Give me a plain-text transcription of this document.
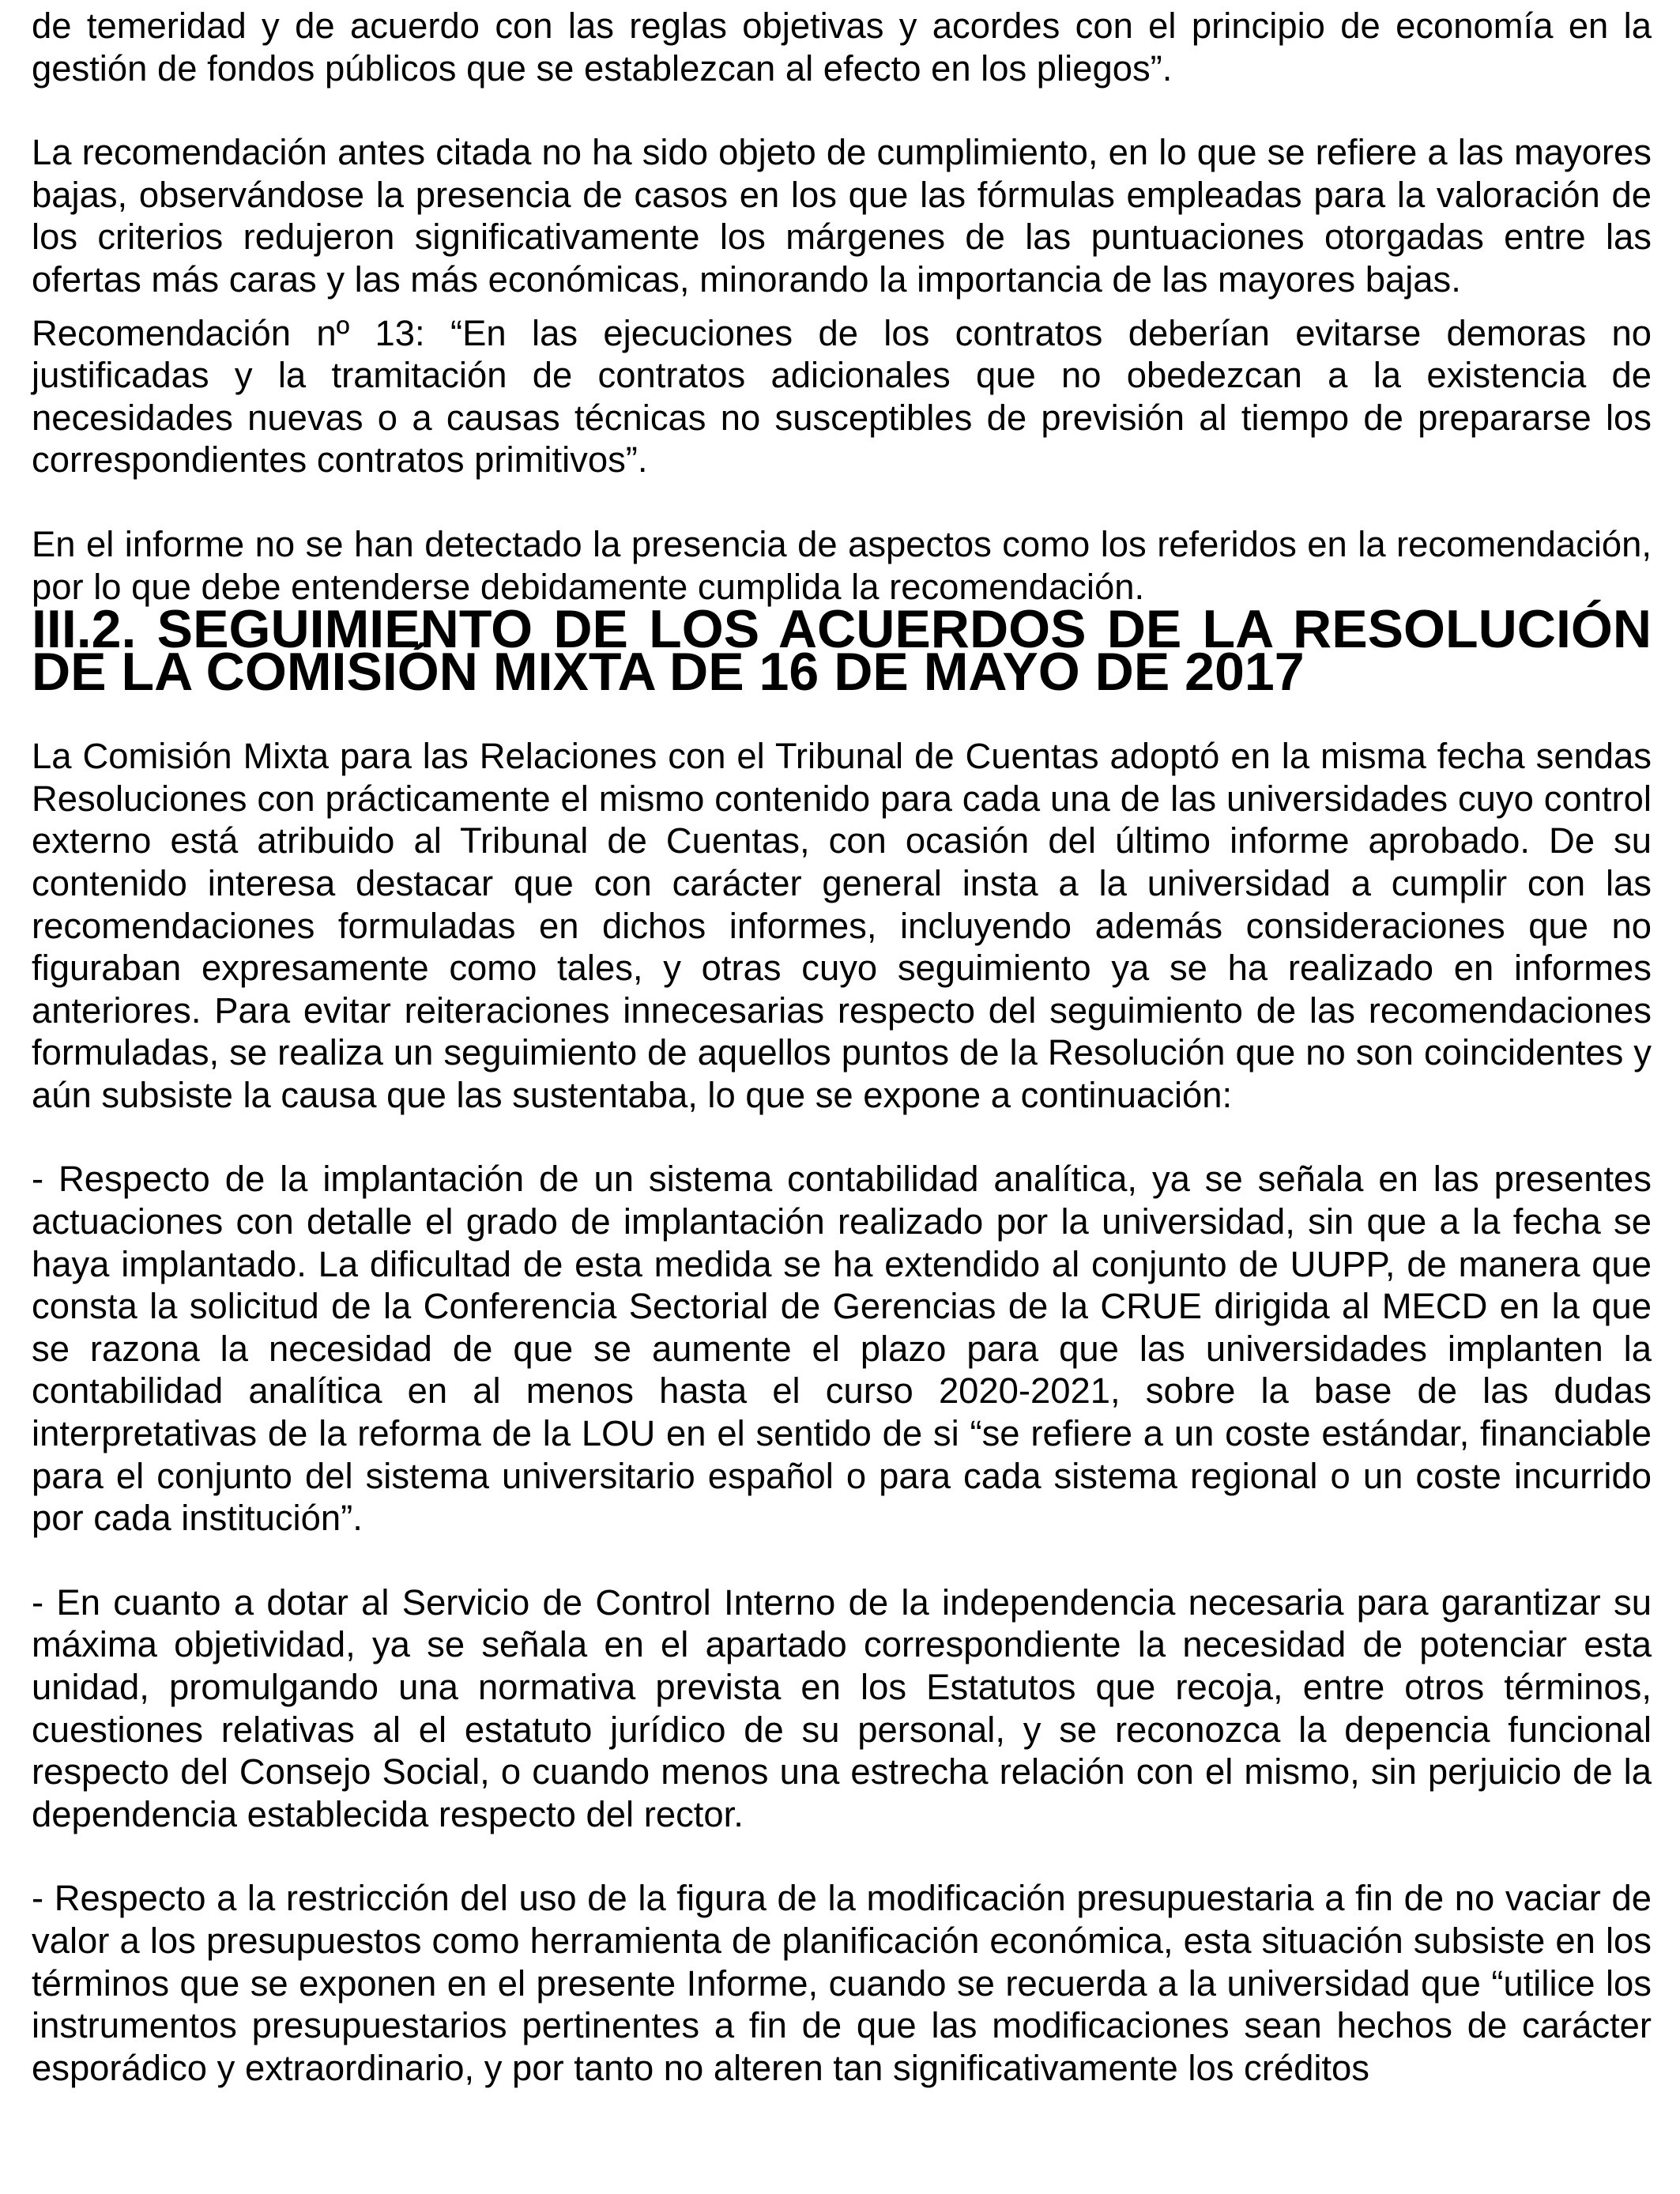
de temeridad y de acuerdo con las reglas objetivas y acordes con el principio de economía en la gestión de fondos públicos que se establezcan al efecto en los pliegos”.

La recomendación antes citada no ha sido objeto de cumplimiento, en lo que se refiere a las mayores bajas, observándose la presencia de casos en los que las fórmulas empleadas para la valoración de los criterios redujeron significativamente los márgenes de las puntuaciones otorgadas entre las ofertas más caras y las más económicas, minorando la importancia de las mayores bajas.

Recomendación nº 13: “En las ejecuciones de los contratos deberían evitarse demoras no justificadas y la tramitación de contratos adicionales que no obedezcan a la existencia de necesidades nuevas o a causas técnicas no susceptibles de previsión al tiempo de prepararse los correspondientes contratos primitivos”.

En el informe no se han detectado la presencia de aspectos como los referidos en la recomendación, por lo que debe entenderse debidamente cumplida la recomendación.

III.2. SEGUIMIENTO DE LOS ACUERDOS DE LA RESOLUCIÓN DE LA COMISIÓN MIXTA DE 16 DE MAYO DE 2017

La Comisión Mixta para las Relaciones con el Tribunal de Cuentas adoptó en la misma fecha sendas Resoluciones con prácticamente el mismo contenido para cada una de las universidades cuyo control externo está atribuido al Tribunal de Cuentas, con ocasión del último informe aprobado. De su contenido interesa destacar que con carácter general insta a la universidad a cumplir con las recomendaciones formuladas en dichos informes, incluyendo además consideraciones que no figuraban expresamente como tales, y otras cuyo seguimiento ya se ha realizado en informes anteriores. Para evitar reiteraciones innecesarias respecto del seguimiento de las recomendaciones formuladas, se realiza un seguimiento de aquellos puntos de la Resolución que no son coincidentes y aún subsiste la causa que las sustentaba, lo que se expone a continuación:

- Respecto de la implantación de un sistema contabilidad analítica, ya se señala en las presentes actuaciones con detalle el grado de implantación realizado por la universidad, sin que a la fecha se haya implantado. La dificultad de esta medida se ha extendido al conjunto de UUPP, de manera que consta la solicitud de la Conferencia Sectorial de Gerencias de la CRUE dirigida al MECD en la que se razona la necesidad de que se aumente el plazo para que las universidades implanten la contabilidad analítica en al menos hasta el curso 2020-2021, sobre la base de las dudas interpretativas de la reforma de la LOU en el sentido de si “se refiere a un coste estándar, financiable para el conjunto del sistema universitario español o para cada sistema regional o un coste incurrido por cada institución”.

- En cuanto a dotar al Servicio de Control Interno de la independencia necesaria para garantizar su máxima objetividad, ya se señala en el apartado correspondiente la necesidad de potenciar esta unidad, promulgando una normativa prevista en los Estatutos que recoja, entre otros términos, cuestiones relativas al el estatuto jurídico de su personal, y se reconozca la depencia funcional respecto del Consejo Social, o cuando menos una estrecha relación con el mismo, sin perjuicio de la dependencia establecida respecto del rector.

- Respecto a la restricción del uso de la figura de la modificación presupuestaria a fin de no vaciar de valor a los presupuestos como herramienta de planificación económica, esta situación subsiste en los términos que se exponen en el presente Informe, cuando se recuerda a la universidad que “utilice los instrumentos presupuestarios pertinentes a fin de que las modificaciones sean hechos de carácter esporádico y extraordinario, y por tanto no alteren tan significativamente los créditos
